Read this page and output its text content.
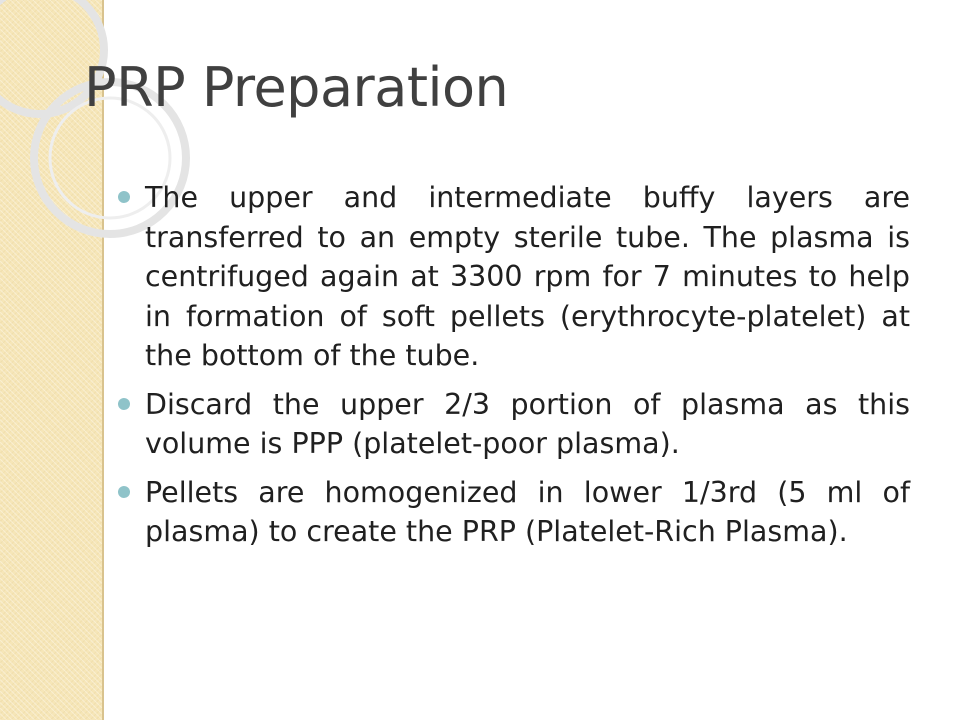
PRP Preparation
The upper and intermediate buffy layers are transferred to an empty sterile tube. The plasma is centrifuged again at 3300 rpm for 7 minutes to help in formation of soft pellets (erythrocyte-platelet) at the bottom of the tube.
Discard the upper 2/3 portion of plasma as this volume is PPP (platelet-poor plasma).
Pellets are homogenized in lower 1/3rd (5 ml of plasma) to create the PRP (Platelet-Rich Plasma).
